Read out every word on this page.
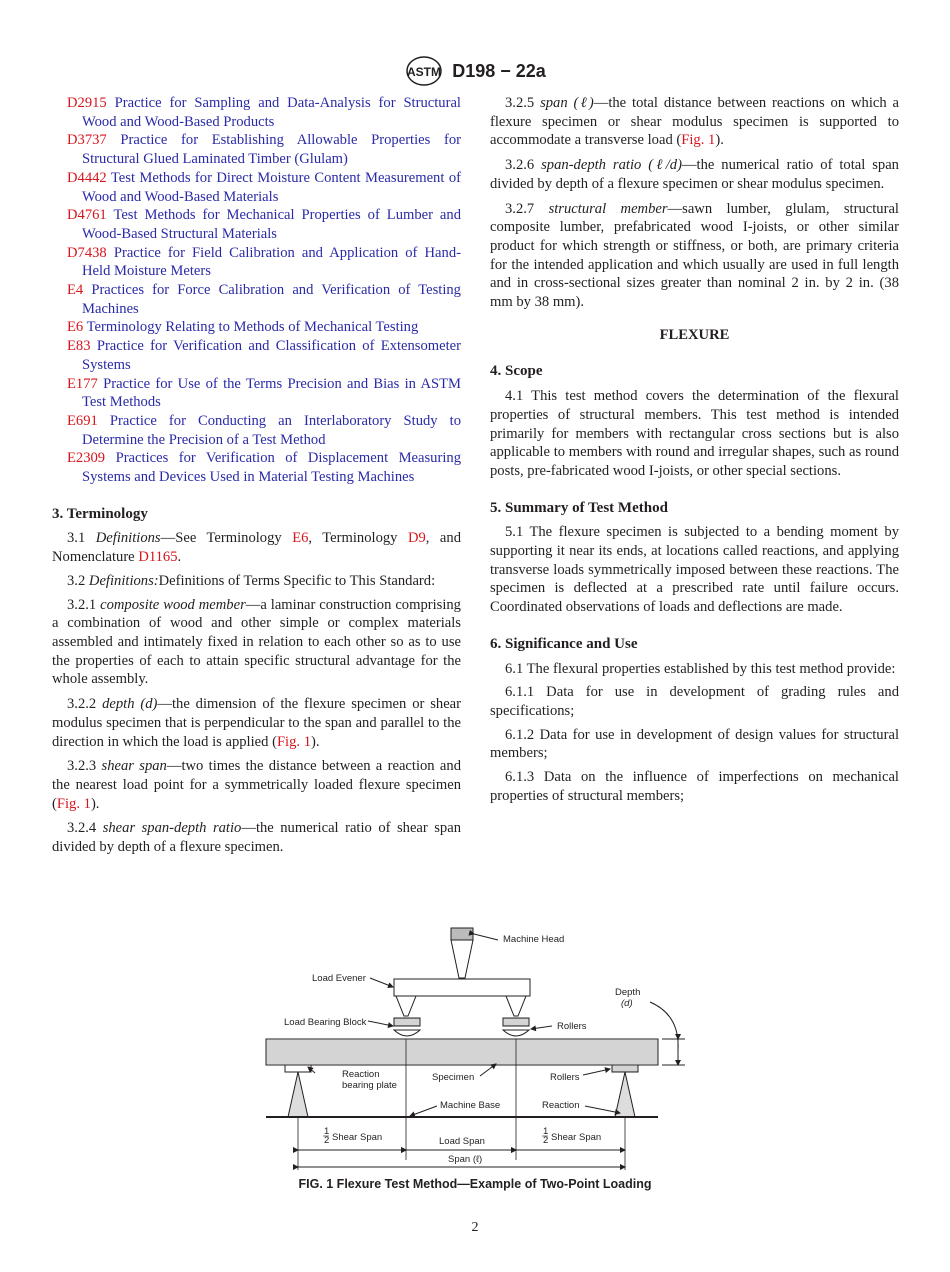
ASTM D198 − 22a
D2915 Practice for Sampling and Data-Analysis for Structural Wood and Wood-Based Products
D3737 Practice for Establishing Allowable Properties for Structural Glued Laminated Timber (Glulam)
D4442 Test Methods for Direct Moisture Content Measurement of Wood and Wood-Based Materials
D4761 Test Methods for Mechanical Properties of Lumber and Wood-Based Structural Materials
D7438 Practice for Field Calibration and Application of Hand-Held Moisture Meters
E4 Practices for Force Calibration and Verification of Testing Machines
E6 Terminology Relating to Methods of Mechanical Testing
E83 Practice for Verification and Classification of Extensometer Systems
E177 Practice for Use of the Terms Precision and Bias in ASTM Test Methods
E691 Practice for Conducting an Interlaboratory Study to Determine the Precision of a Test Method
E2309 Practices for Verification of Displacement Measuring Systems and Devices Used in Material Testing Machines
3. Terminology
3.1 Definitions—See Terminology E6, Terminology D9, and Nomenclature D1165.
3.2 Definitions:Definitions of Terms Specific to This Standard:
3.2.1 composite wood member—a laminar construction comprising a combination of wood and other simple or complex materials assembled and intimately fixed in relation to each other so as to use the properties of each to attain specific structural advantage for the whole assembly.
3.2.2 depth (d)—the dimension of the flexure specimen or shear modulus specimen that is perpendicular to the span and parallel to the direction in which the load is applied (Fig. 1).
3.2.3 shear span—two times the distance between a reaction and the nearest load point for a symmetrically loaded flexure specimen (Fig. 1).
3.2.4 shear span-depth ratio—the numerical ratio of shear span divided by depth of a flexure specimen.
3.2.5 span (ℓ)—the total distance between reactions on which a flexure specimen or shear modulus specimen is supported to accommodate a transverse load (Fig. 1).
3.2.6 span-depth ratio (ℓ/d)—the numerical ratio of total span divided by depth of a flexure specimen or shear modulus specimen.
3.2.7 structural member—sawn lumber, glulam, structural composite lumber, prefabricated wood I-joists, or other similar product for which strength or stiffness, or both, are primary criteria for the intended application and which usually are used in full length and in cross-sectional sizes greater than nominal 2 in. by 2 in. (38 mm by 38 mm).
FLEXURE
4. Scope
4.1 This test method covers the determination of the flexural properties of structural members. This test method is intended primarily for members with rectangular cross sections but is also applicable to members with round and irregular shapes, such as round posts, pre-fabricated wood I-joists, or other special sections.
5. Summary of Test Method
5.1 The flexure specimen is subjected to a bending moment by supporting it near its ends, at locations called reactions, and applying transverse loads symmetrically imposed between these reactions. The specimen is deflected at a prescribed rate until failure occurs. Coordinated observations of loads and deflections are made.
6. Significance and Use
6.1 The flexural properties established by this test method provide:
6.1.1 Data for use in development of grading rules and specifications;
6.1.2 Data for use in development of design values for structural members;
6.1.3 Data on the influence of imperfections on mechanical properties of structural members;
Machine Head
Load Evener
Load Bearing Block	Rollers
Depth
(d)
Reaction
bearing plate
Specimen	Rollers
Machine Base	Reaction
1
2 Shear Span	Load Span
1
2 Shear Span
Span (ℓ)
FIG. 1 Flexure Test Method—Example of Two-Point Loading
2
